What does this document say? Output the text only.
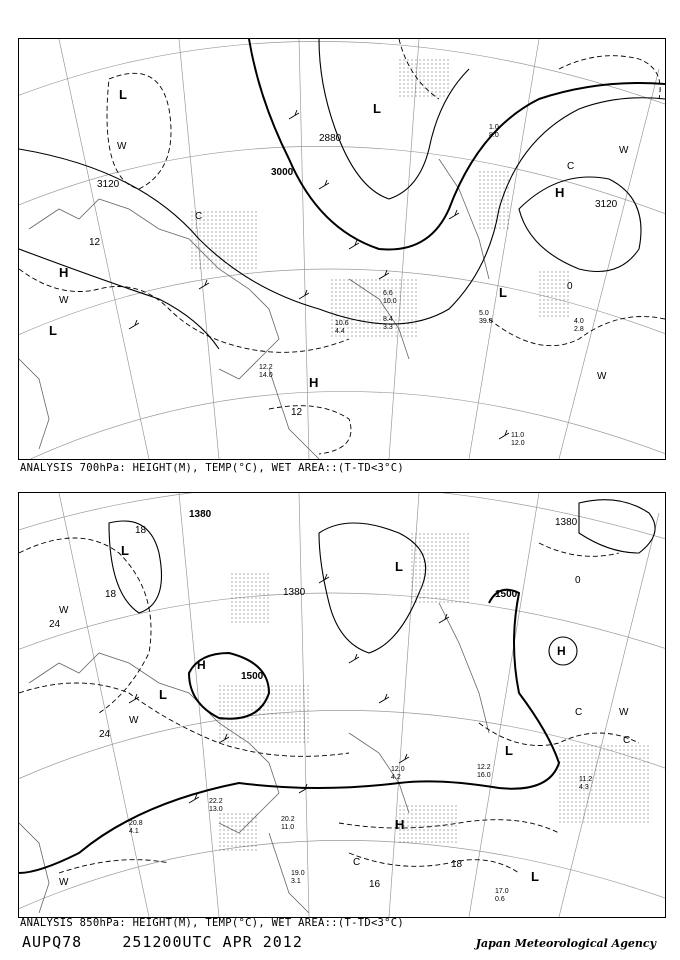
3120
3000
2880
3120
12
0
12
L
L
L
H
H
H
L
W
W
W
W
C
C
1.0
8.0
5.0
39.0	4.0
2.8
10.6
4.4
8.4
3.3
12.2
14.0
11.0
12.0
6.6
10.0
ANALYSIS 700hPa: HEIGHT(M), TEMP(°C), WET AREA::(T-TD<3°C)
1380
1500
1380
1500
1380
18
24
24
18
18
16
0
L
L
L
H
H
H
L
L
W
W
W
W
C
C
C
12.2
16.0
22.2
13.0
20.8
4.1
20.2
11.0
19.0
3.1
17.0
0.6
12.0
4.2	11.2
4.3
ANALYSIS 850hPa: HEIGHT(M), TEMP(°C), WET AREA::(T-TD<3°C)
AUPQ78	251200UTC APR 2012	Japan Meteorological Agency
